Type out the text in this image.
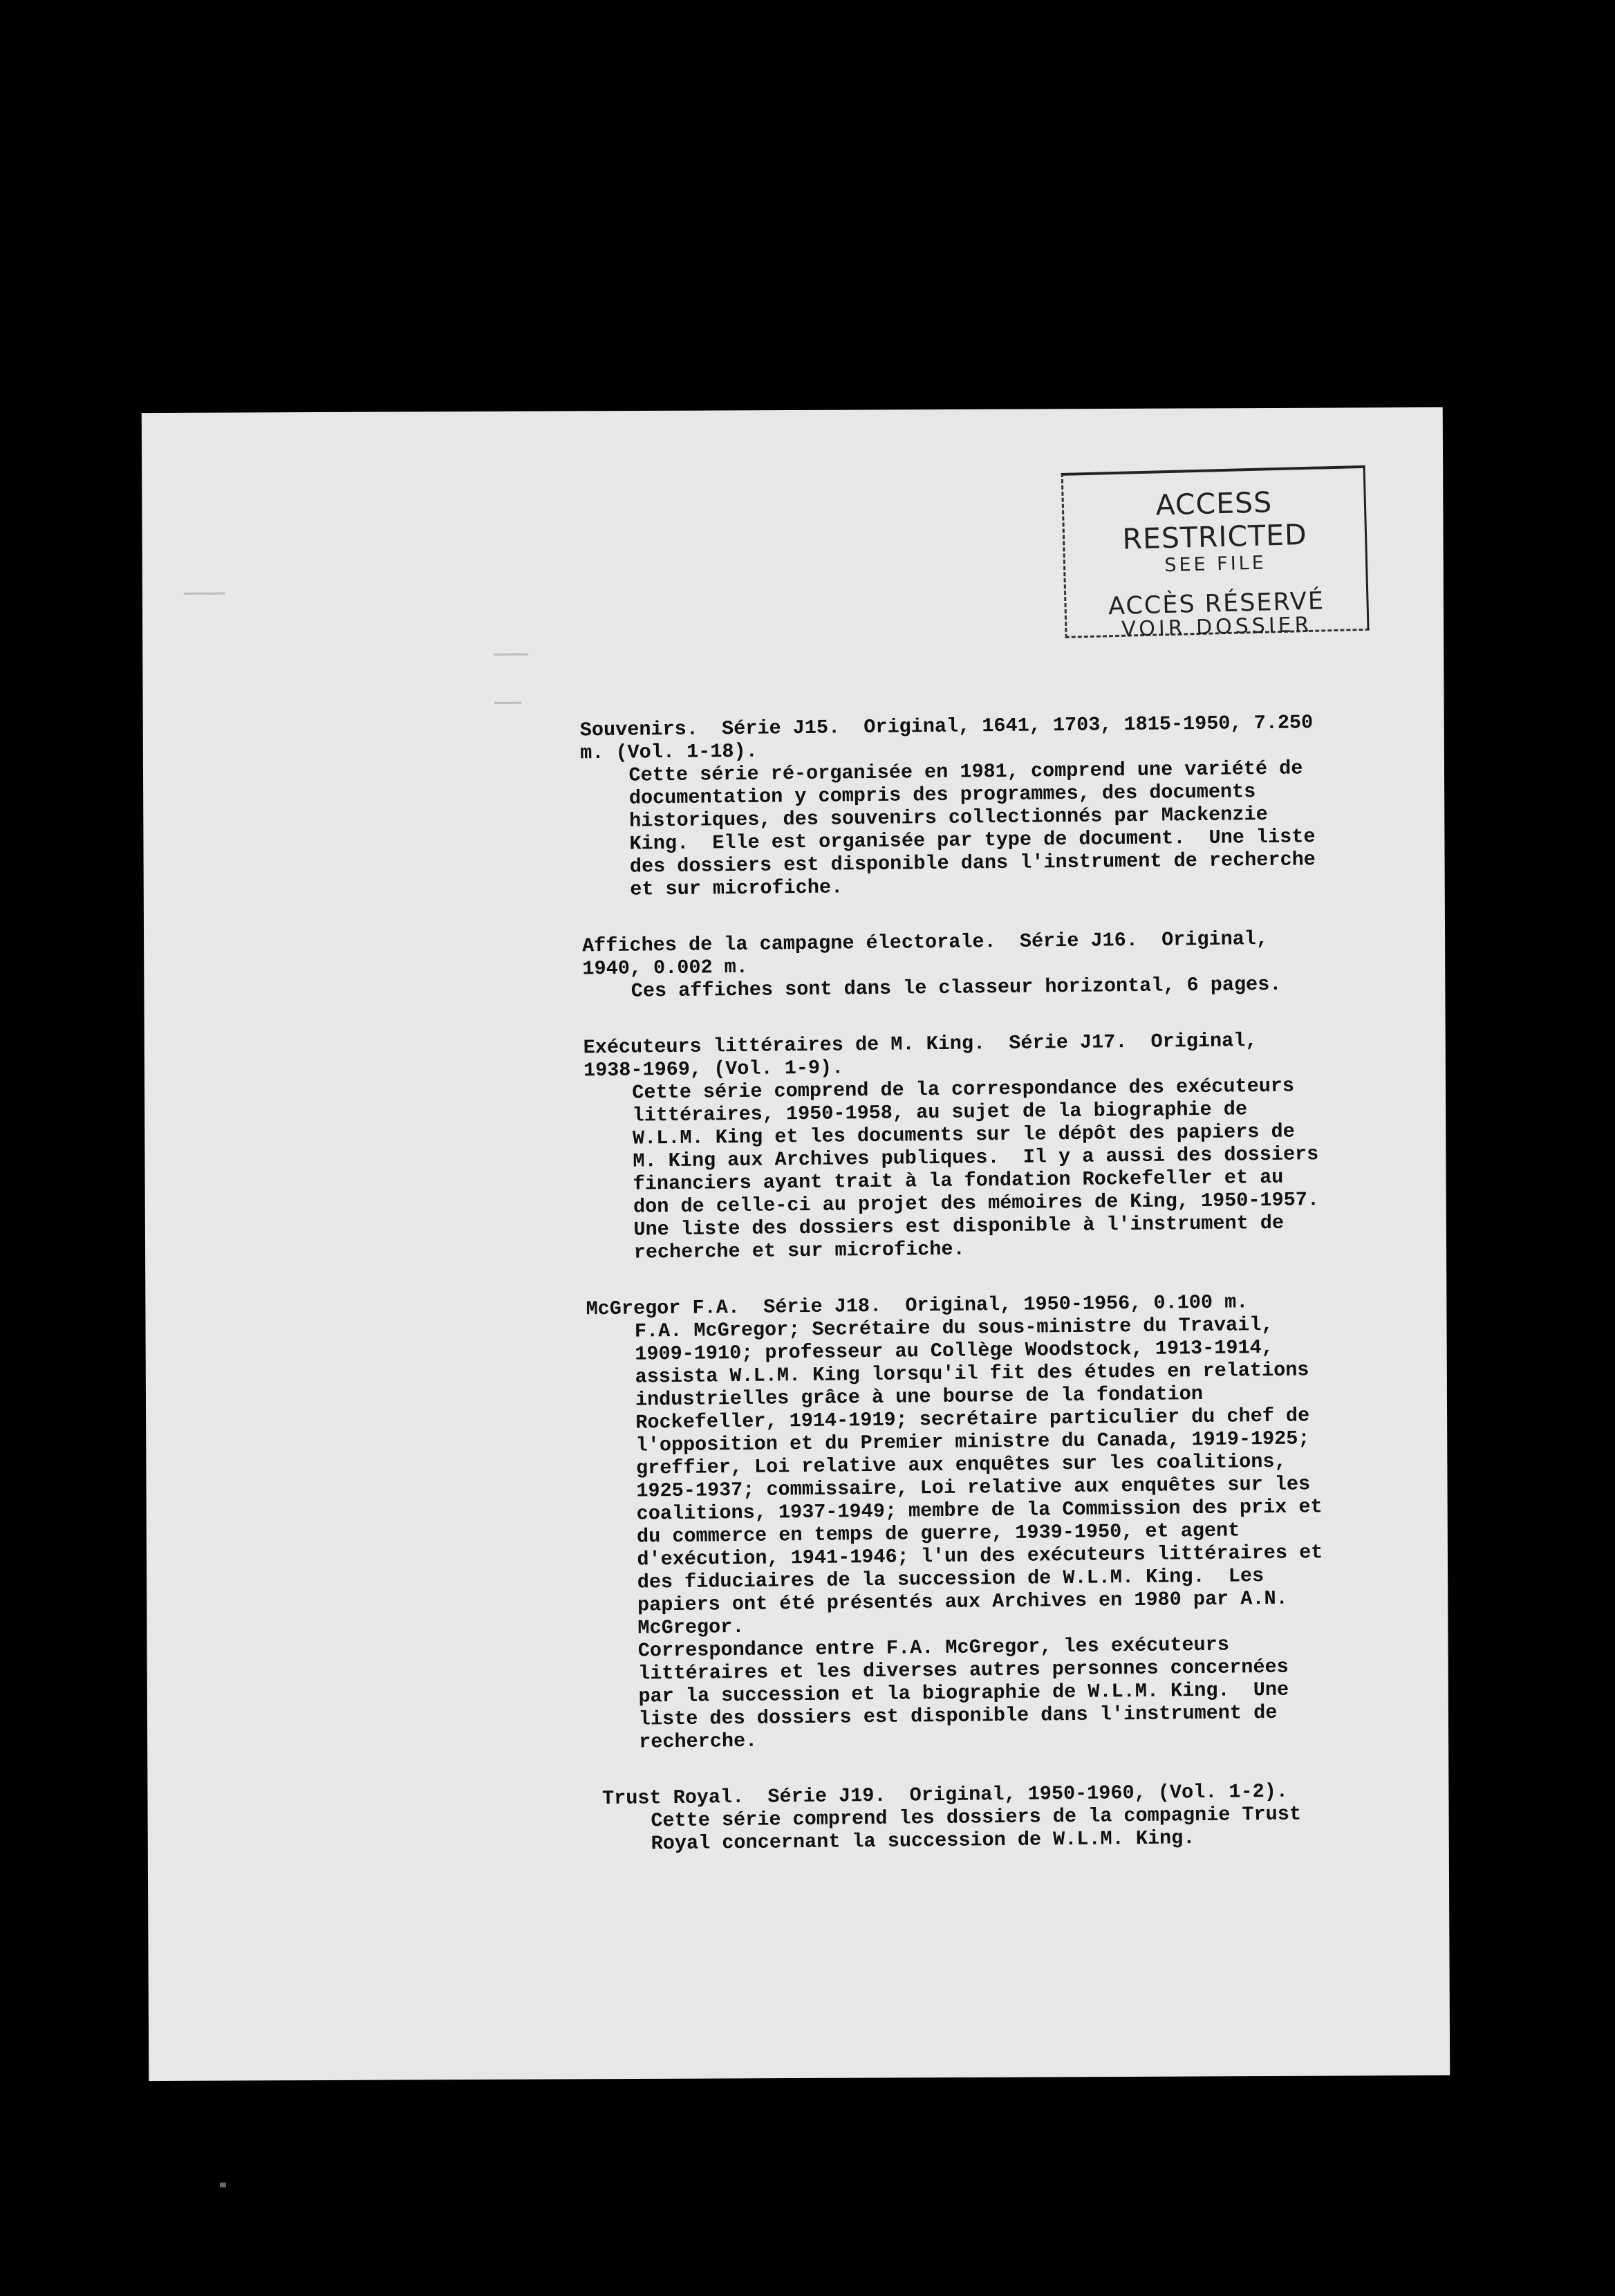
ACCESS RESTRICTED
SEE FILE
ACCÈS RÉSERVÉ
VOIR DOSSIER
Souvenirs.  Série J15.  Original, 1641, 1703, 1815-1950, 7.250
m. (Vol. 1-18).
Cette série ré-organisée en 1981, comprend une variété de
documentation y compris des programmes, des documents
historiques, des souvenirs collectionnés par Mackenzie
King.  Elle est organisée par type de document.  Une liste
des dossiers est disponible dans l'instrument de recherche
et sur microfiche.
Affiches de la campagne électorale.  Série J16.  Original,
1940, 0.002 m.
Ces affiches sont dans le classeur horizontal, 6 pages.
Exécuteurs littéraires de M. King.  Série J17.  Original,
1938-1969, (Vol. 1-9).
Cette série comprend de la correspondance des exécuteurs
littéraires, 1950-1958, au sujet de la biographie de
W.L.M. King et les documents sur le dépôt des papiers de
M. King aux Archives publiques.  Il y a aussi des dossiers
financiers ayant trait à la fondation Rockefeller et au
don de celle-ci au projet des mémoires de King, 1950-1957.
Une liste des dossiers est disponible à l'instrument de
recherche et sur microfiche.
McGregor F.A.  Série J18.  Original, 1950-1956, 0.100 m.
F.A. McGregor; Secrétaire du sous-ministre du Travail,
1909-1910; professeur au Collège Woodstock, 1913-1914,
assista W.L.M. King lorsqu'il fit des études en relations
industrielles grâce à une bourse de la fondation
Rockefeller, 1914-1919; secrétaire particulier du chef de
l'opposition et du Premier ministre du Canada, 1919-1925;
greffier, Loi relative aux enquêtes sur les coalitions,
1925-1937; commissaire, Loi relative aux enquêtes sur les
coalitions, 1937-1949; membre de la Commission des prix et
du commerce en temps de guerre, 1939-1950, et agent
d'exécution, 1941-1946; l'un des exécuteurs littéraires et
des fiduciaires de la succession de W.L.M. King.  Les
papiers ont été présentés aux Archives en 1980 par A.N.
McGregor.
Correspondance entre F.A. McGregor, les exécuteurs
littéraires et les diverses autres personnes concernées
par la succession et la biographie de W.L.M. King.  Une
liste des dossiers est disponible dans l'instrument de
recherche.
Trust Royal.  Série J19.  Original, 1950-1960, (Vol. 1-2).
Cette série comprend les dossiers de la compagnie Trust
Royal concernant la succession de W.L.M. King.
